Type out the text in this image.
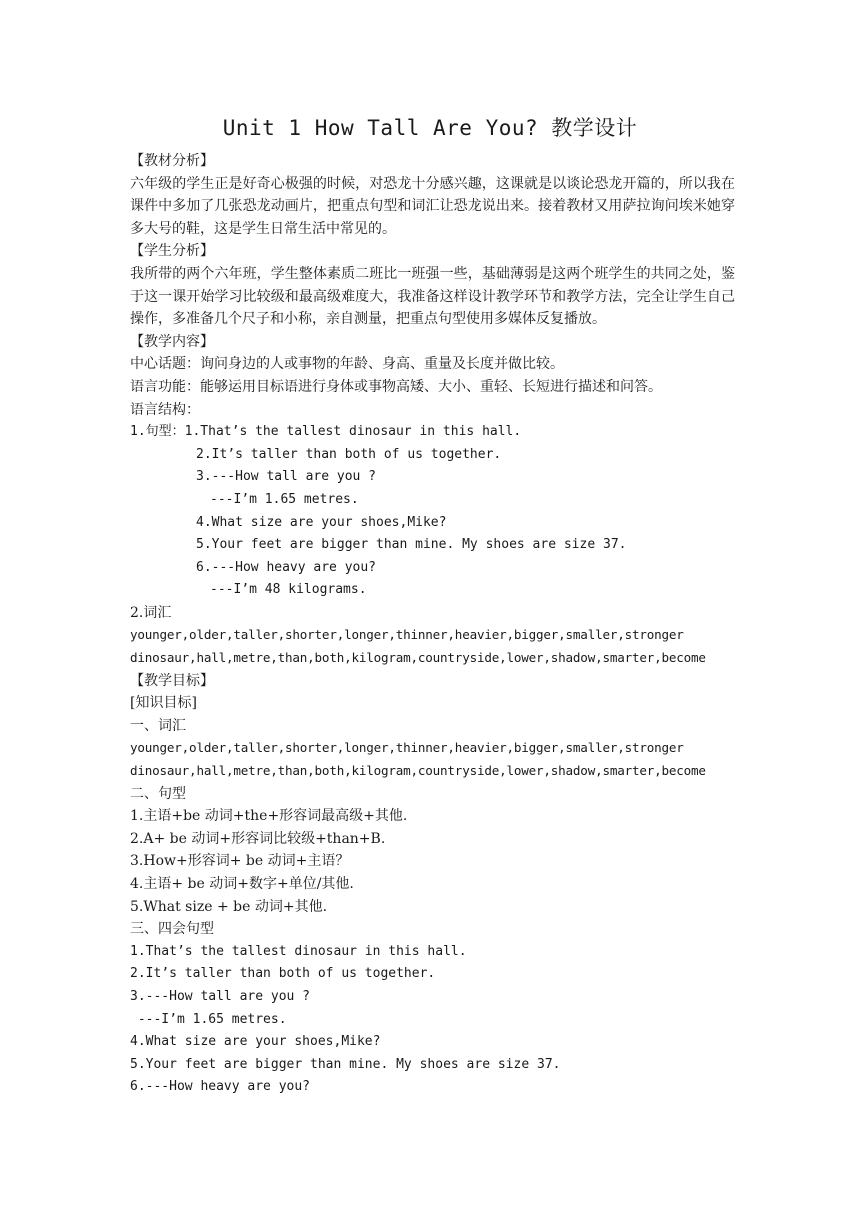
Unit 1 How Tall Are You? 教学设计
【教材分析】
六年级的学生正是好奇心极强的时候，对恐龙十分感兴趣，这课就是以谈论恐龙开篇的，所以我在课件中多加了几张恐龙动画片，把重点句型和词汇让恐龙说出来。接着教材又用萨拉询问埃米她穿多大号的鞋，这是学生日常生活中常见的。
【学生分析】
我所带的两个六年班，学生整体素质二班比一班强一些，基础薄弱是这两个班学生的共同之处，鉴于这一课开始学习比较级和最高级难度大，我准备这样设计教学环节和教学方法，完全让学生自己操作，多准备几个尺子和小称，亲自测量，把重点句型使用多媒体反复播放。
【教学内容】
中心话题：询问身边的人或事物的年龄、身高、重量及长度并做比较。
语言功能：能够运用目标语进行身体或事物高矮、大小、重轻、长短进行描述和问答。
语言结构：
1.句型：1.That’s the tallest dinosaur in this hall.
2.It’s taller than both of us together.
3.---How tall are you ?
---I’m 1.65 metres.
4.What size are your shoes,Mike?
5.Your feet are bigger than mine. My shoes are size 37.
6.---How heavy are you?
---I’m 48 kilograms.
2.词汇
younger,older,taller,shorter,longer,thinner,heavier,bigger,smaller,stronger
dinosaur,hall,metre,than,both,kilogram,countryside,lower,shadow,smarter,become
【教学目标】
[知识目标]
一、词汇
younger,older,taller,shorter,longer,thinner,heavier,bigger,smaller,stronger
dinosaur,hall,metre,than,both,kilogram,countryside,lower,shadow,smarter,become
二、句型
1.主语+be 动词+the+形容词最高级+其他.
2.A+ be 动词+形容词比较级+than+B.
3.How+形容词+ be 动词+主语？
4.主语+ be 动词+数字+单位/其他.
5.What size + be 动词+其他.
三、四会句型
1.That’s the tallest dinosaur in this hall.
2.It’s taller than both of us together.
3.---How tall are you ?
---I’m 1.65 metres.
4.What size are your shoes,Mike?
5.Your feet are bigger than mine. My shoes are size 37.
6.---How heavy are you?
